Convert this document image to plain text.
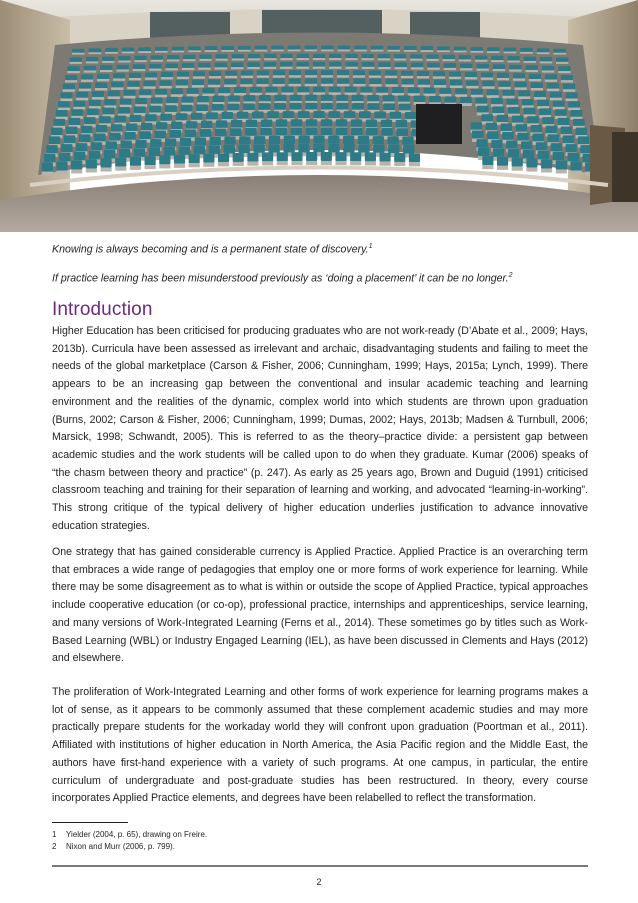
Knowing is always becoming and is a permanent state of discovery.$^1$

If practice learning has been misunderstood previously as ‘doing a placement’ it can be no longer.$^2$

Introduction

Higher Education has been criticised for producing graduates who are not work-ready (D’Abate et al., 2009; Hays, 2013b). Curricula have been assessed as irrelevant and archaic, disadvantaging students and failing to meet the needs of the global marketplace (Carson & Fisher, 2006; Cunningham, 1999; Hays, 2015a; Lynch, 1999). There appears to be an increasing gap between the conventional and insular academic teaching and learning environment and the realities of the dynamic, complex world into which students are thrown upon graduation (Burns, 2002; Carson & Fisher, 2006; Cunningham, 1999; Dumas, 2002; Hays, 2013b; Madsen & Turnbull, 2006; Marsick, 1998; Schwandt, 2005). This is referred to as the theory–practice divide: a persistent gap between academic studies and the work students will be called upon to do when they graduate. Kumar (2006) speaks of “the chasm between theory and practice” (p. 247). As early as 25 years ago, Brown and Duguid (1991) criticised classroom teaching and training for their separation of learning and working, and advocated “learning-in-working”. This strong critique of the typical delivery of higher education underlies justification to advance innovative education strategies.

One strategy that has gained considerable currency is Applied Practice. Applied Practice is an overarching term that embraces a wide range of pedagogies that employ one or more forms of work experience for learning. While there may be some disagreement as to what is within or outside the scope of Applied Practice, typical approaches include cooperative education (or co-op), professional practice, internships and apprenticeships, service learning, and many versions of Work-Integrated Learning (Ferns et al., 2014). These sometimes go by titles such as Work-Based Learning (WBL) or Industry Engaged Learning (IEL), as have been discussed in Clements and Hays (2012) and elsewhere.

The proliferation of Work-Integrated Learning and other forms of work experience for learning programs makes a lot of sense, as it appears to be commonly assumed that these complement academic studies and may more practically prepare students for the workaday world they will confront upon graduation (Poortman et al., 2011). Affiliated with institutions of higher education in North America, the Asia Pacific region and the Middle East, the authors have first-hand experience with a variety of such programs. At one campus, in particular, the entire curriculum of undergraduate and post-graduate studies has been restructured. In theory, every course incorporates Applied Practice elements, and degrees have been relabelled to reflect the transformation.

1	Yielder (2004, p. 65), drawing on Freire.
2	Nixon and Murr (2006, p. 799).
2
